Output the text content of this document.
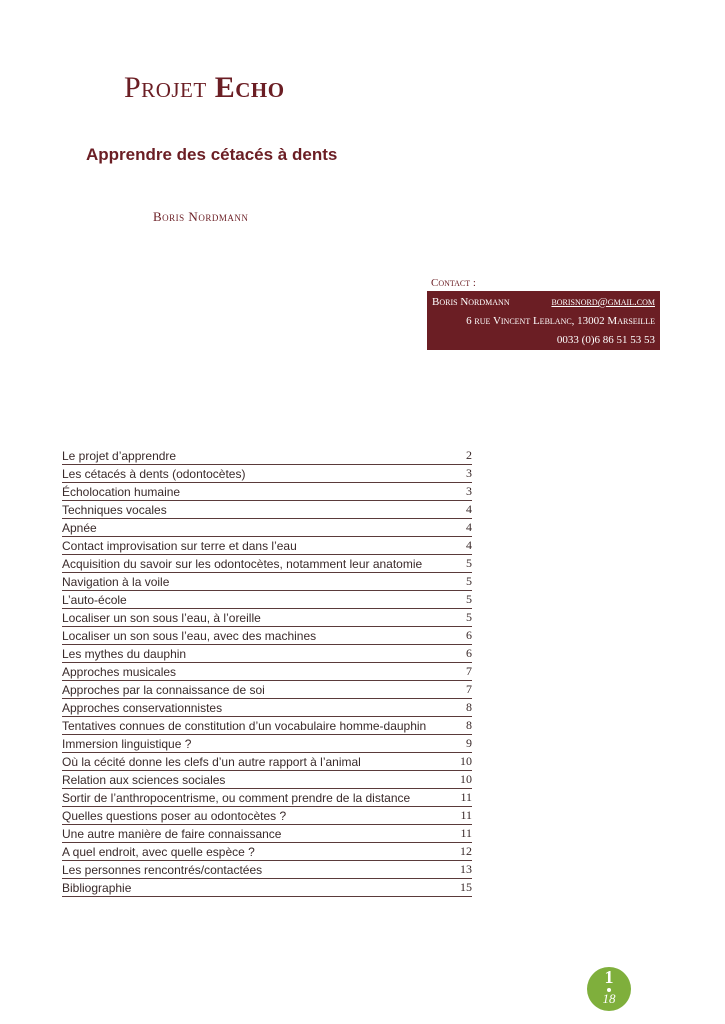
Projet Echo
Apprendre des cétacés à dents
Boris Nordmann
Contact :
Boris Nordmann	borisnord@gmail.com
6 rue Vincent Leblanc, 13002 Marseille
0033 (0)6 86 51 53 53
Le projet d’apprendre	2
Les cétacés à dents (odontocètes)	3
Écholocation humaine	3
Techniques vocales	4
Apnée	4
Contact improvisation sur terre et dans l’eau	4
Acquisition du savoir sur les odontocètes, notamment leur anatomie	5
Navigation à la voile	5
L’auto-école	5
Localiser un son sous l’eau, à l’oreille	5
Localiser un son sous l’eau, avec des machines	6
Les mythes du dauphin	6
Approches musicales	7
Approches par la connaissance de soi	7
Approches conservationnistes	8
Tentatives connues de constitution d’un vocabulaire homme-dauphin	8
Immersion linguistique ?	9
Où la cécité donne les clefs d’un autre rapport à l’animal	10
Relation aux sciences sociales	10
Sortir de l’anthropocentrisme, ou comment prendre de la distance	11
Quelles questions poser au odontocètes ?	11
Une autre manière de faire connaissance	11
A quel endroit, avec quelle espèce ?	12
Les personnes rencontrés/contactées	13
Bibliographie	15
1
18
